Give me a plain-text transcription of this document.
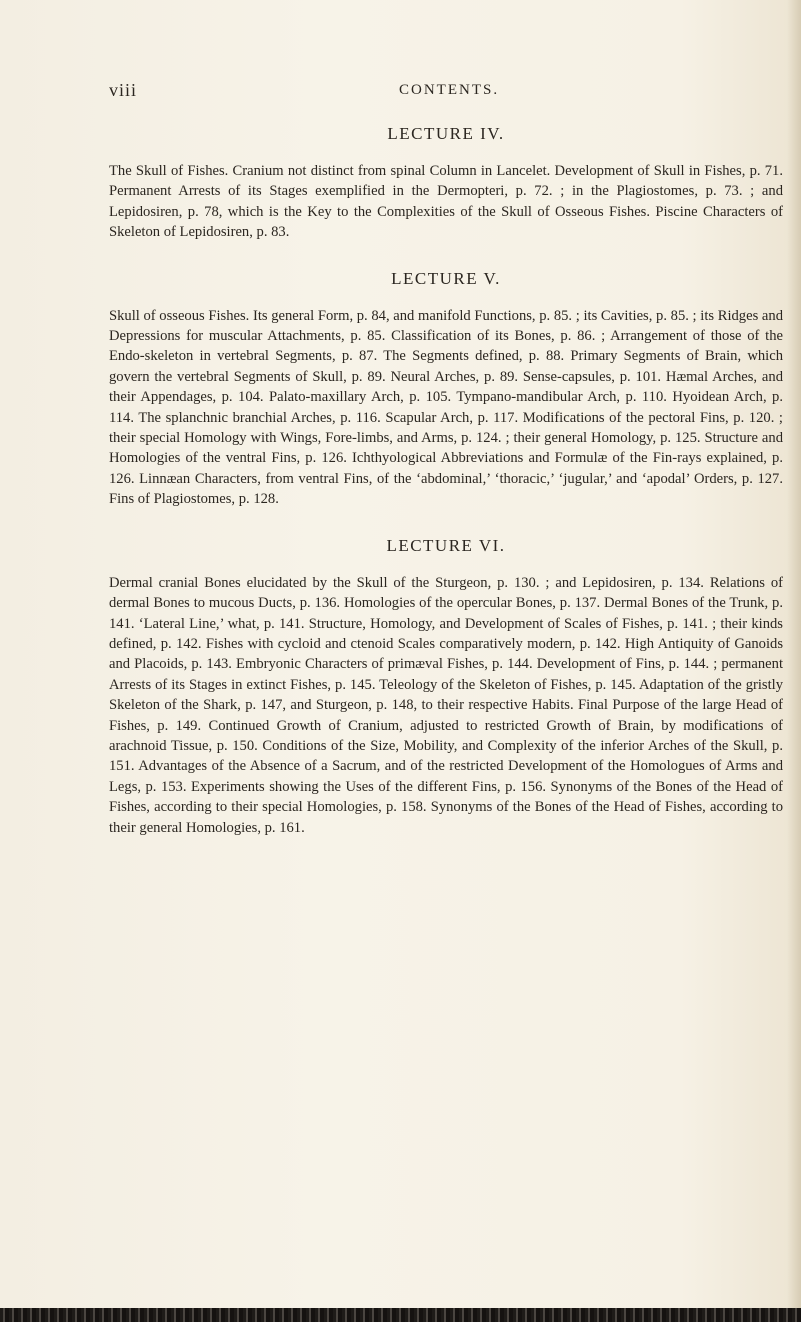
viii	CONTENTS.
LECTURE IV.

The Skull of Fishes. Cranium not distinct from spinal Column in Lancelet. Development of Skull in Fishes, p. 71. Permanent Arrests of its Stages exemplified in the Dermopteri, p. 72. ; in the Plagiostomes, p. 73. ; and Lepidosiren, p. 78, which is the Key to the Complexities of the Skull of Osseous Fishes. Piscine Characters of Skeleton of Lepidosiren, p. 83.

LECTURE V.

Skull of osseous Fishes. Its general Form, p. 84, and manifold Functions, p. 85. ; its Cavities, p. 85. ; its Ridges and Depressions for muscular Attachments, p. 85. Classification of its Bones, p. 86. ; Arrangement of those of the Endo-skeleton in vertebral Segments, p. 87. The Segments defined, p. 88. Primary Segments of Brain, which govern the vertebral Segments of Skull, p. 89. Neural Arches, p. 89. Sense-capsules, p. 101. Hæmal Arches, and their Appendages, p. 104. Palato-maxillary Arch, p. 105. Tympano-mandibular Arch, p. 110. Hyoidean Arch, p. 114. The splanchnic branchial Arches, p. 116. Scapular Arch, p. 117. Modifications of the pectoral Fins, p. 120. ; their special Homology with Wings, Fore-limbs, and Arms, p. 124. ; their general Homology, p. 125. Structure and Homologies of the ventral Fins, p. 126. Ichthyological Abbreviations and Formulæ of the Fin-rays explained, p. 126. Linnæan Characters, from ventral Fins, of the ‘abdominal,’ ‘thoracic,’ ‘jugular,’ and ‘apodal’ Orders, p. 127. Fins of Plagiostomes, p. 128.

LECTURE VI.

Dermal cranial Bones elucidated by the Skull of the Sturgeon, p. 130. ; and Lepidosiren, p. 134. Relations of dermal Bones to mucous Ducts, p. 136. Homologies of the opercular Bones, p. 137. Dermal Bones of the Trunk, p. 141. ‘Lateral Line,’ what, p. 141. Structure, Homology, and Development of Scales of Fishes, p. 141. ; their kinds defined, p. 142. Fishes with cycloid and ctenoid Scales comparatively modern, p. 142. High Antiquity of Ganoids and Placoids, p. 143. Embryonic Characters of primæval Fishes, p. 144. Development of Fins, p. 144. ; permanent Arrests of its Stages in extinct Fishes, p. 145. Teleology of the Skeleton of Fishes, p. 145. Adaptation of the gristly Skeleton of the Shark, p. 147, and Sturgeon, p. 148, to their respective Habits. Final Purpose of the large Head of Fishes, p. 149. Continued Growth of Cranium, adjusted to restricted Growth of Brain, by modifications of arachnoid Tissue, p. 150. Conditions of the Size, Mobility, and Complexity of the inferior Arches of the Skull, p. 151. Advantages of the Absence of a Sacrum, and of the restricted Development of the Homologues of Arms and Legs, p. 153. Experiments showing the Uses of the different Fins, p. 156. Synonyms of the Bones of the Head of Fishes, according to their special Homologies, p. 158. Synonyms of the Bones of the Head of Fishes, according to their general Homologies, p. 161.
